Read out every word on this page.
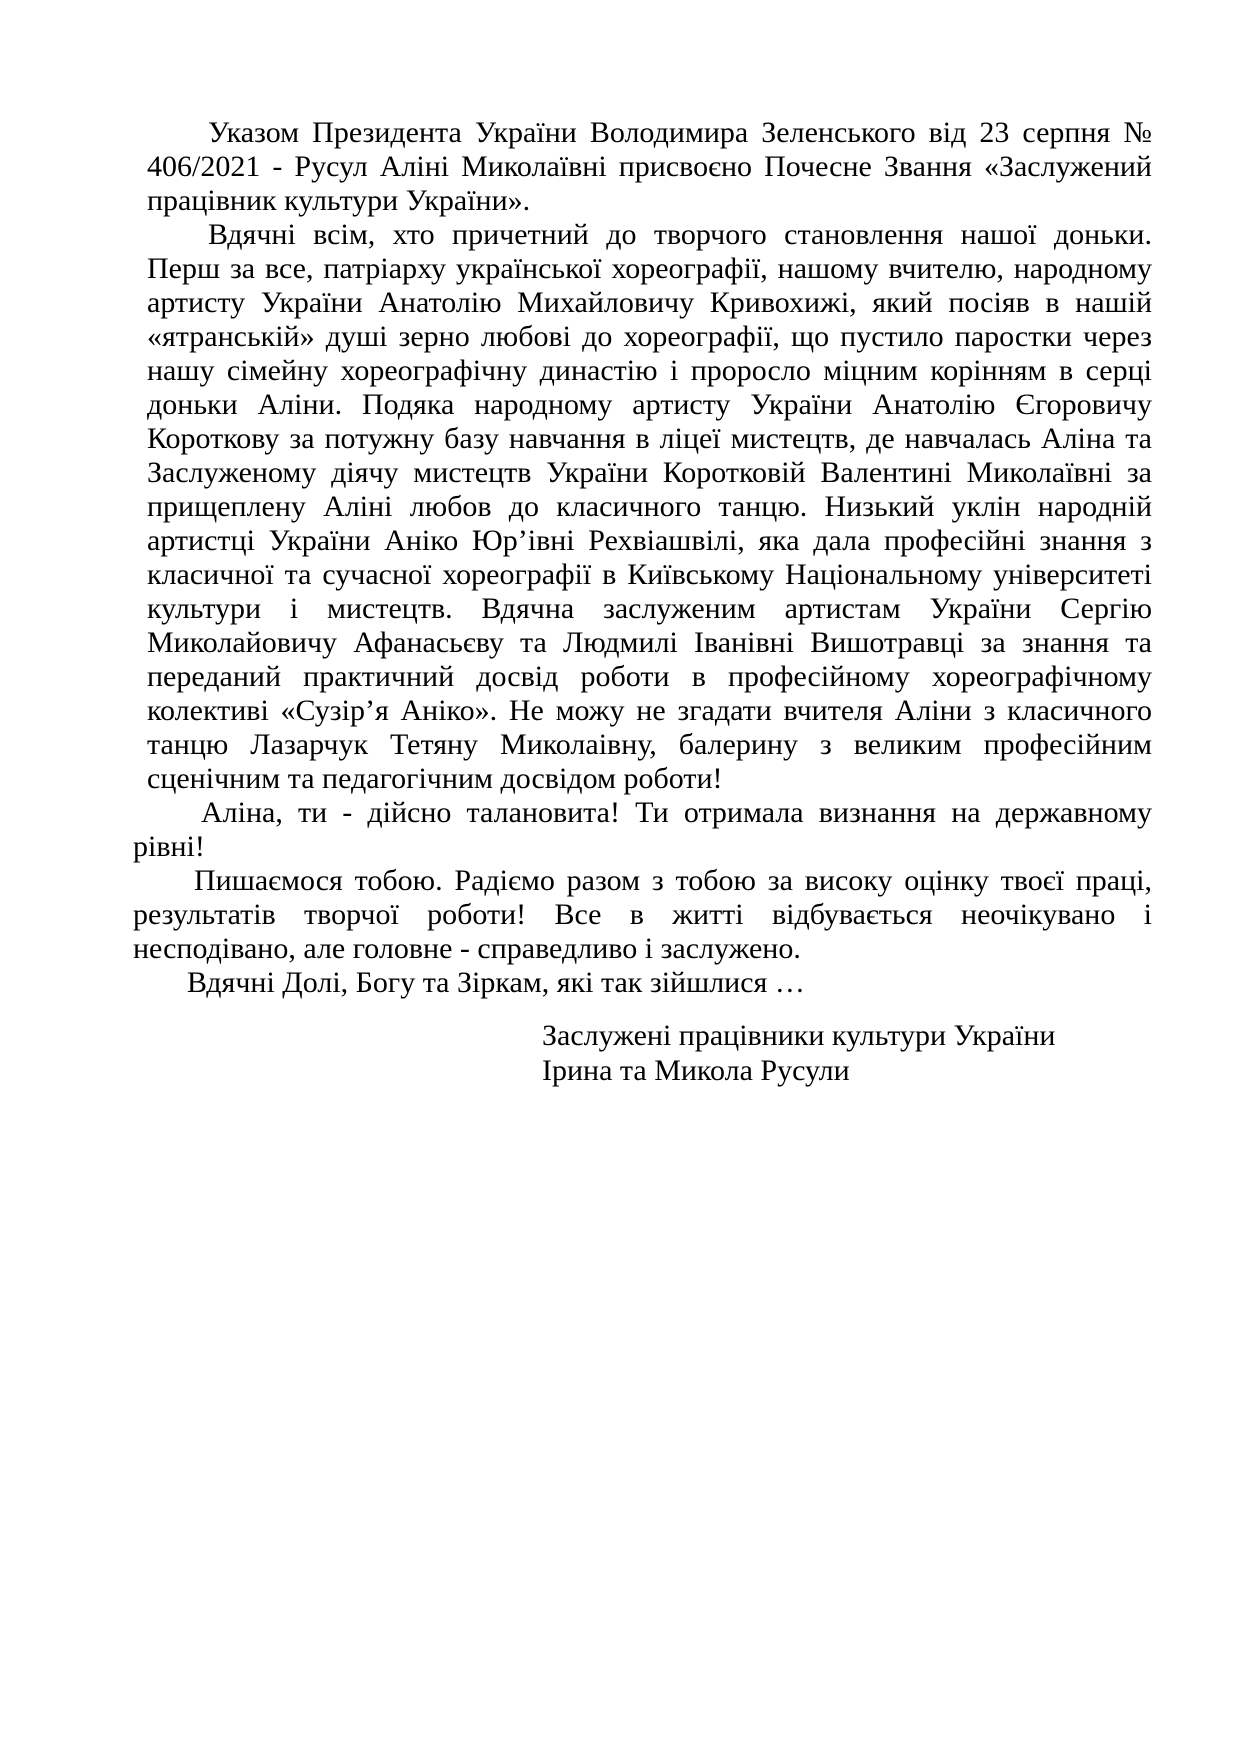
Указом Президента України Володимира Зеленського від 23 серпня № 406/2021 - Русул Аліні Миколаївні присвоєно Почесне Звання «Заслужений працівник культури України».

Вдячні всім, хто причетний до творчого становлення нашої доньки. Перш за все, патріарху української хореографії, нашому вчителю, народному артисту України Анатолію Михайловичу Кривохижі, який посіяв в нашій «ятранській» душі зерно любові до хореографії, що пустило паростки через нашу сімейну хореографічну династію і проросло міцним корінням в серці доньки Аліни. Подяка народному артисту України Анатолію Єгоровичу Короткову за потужну базу навчання в ліцеї мистецтв, де навчалась Аліна та Заслуженому діячу мистецтв України Коротковій Валентині Миколаївні за прищеплену Аліні любов до класичного танцю. Низький уклін народній артистці України Аніко Юр’івні Рехвіашвілі, яка дала професійні знання з класичної та сучасної хореографії в Київському Національному університеті культури і мистецтв. Вдячна заслуженим артистам України Сергію Миколайовичу Афанасьєву та Людмилі Іванівні Вишотравці за знання та переданий практичний досвід роботи в професійному хореографічному колективі «Сузір’я Аніко». Не можу не згадати вчителя Аліни з класичного танцю Лазарчук Тетяну Миколаівну, балерину з великим професійним сценічним та педагогічним досвідом роботи!

Аліна, ти - дійсно талановита! Ти отримала визнання на державному рівні!

Пишаємося тобою. Радіємо разом з тобою за високу оцінку твоєї праці, результатів творчої роботи! Все в житті відбувається неочікувано і несподівано, але головне - справедливо і заслужено.

Вдячні Долі, Богу та Зіркам, які так зійшлися …

Заслужені працівники культури України
Ірина та Микола Русули
